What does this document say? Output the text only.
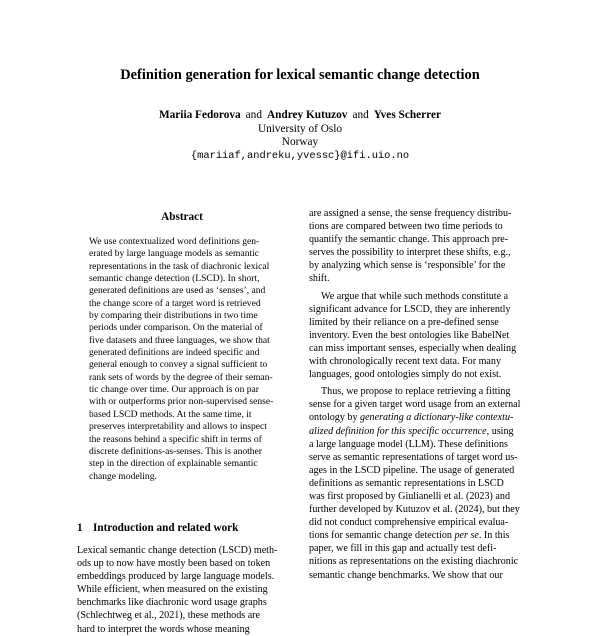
Definition generation for lexical semantic change detection
Mariia Fedorova and Andrey Kutuzov and Yves Scherrer
University of Oslo
Norway
{mariiaf,andreku,yvessc}@ifi.uio.no
Abstract
We use contextualized word definitions gen-
erated by large language models as semantic
representations in the task of diachronic lexical
semantic change detection (LSCD). In short,
generated definitions are used as ‘senses’, and
the change score of a target word is retrieved
by comparing their distributions in two time
periods under comparison. On the material of
five datasets and three languages, we show that
generated definitions are indeed specific and
general enough to convey a signal sufficient to
rank sets of words by the degree of their seman-
tic change over time. Our approach is on par
with or outperforms prior non-supervised sense-
based LSCD methods. At the same time, it
preserves interpretability and allows to inspect
the reasons behind a specific shift in terms of
discrete definitions-as-senses. This is another
step in the direction of explainable semantic
change modeling.
1 Introduction and related work
Lexical semantic change detection (LSCD) meth-
ods up to now have mostly been based on token
embeddings produced by large language models.
While efficient, when measured on the existing
benchmarks like diachronic word usage graphs
(Schlechtweg et al., 2021), these methods are
hard to interpret the words whose meaning
are assigned a sense, the sense frequency distribu-
tions are compared between two time periods to
quantify the semantic change. This approach pre-
serves the possibility to interpret these shifts, e.g.,
by analyzing which sense is ‘responsible’ for the
shift.
We argue that while such methods constitute a
significant advance for LSCD, they are inherently
limited by their reliance on a pre-defined sense
inventory. Even the best ontologies like BabelNet
can miss important senses, especially when dealing
with chronologically recent text data. For many
languages, good ontologies simply do not exist.
Thus, we propose to replace retrieving a fitting
sense for a given target word usage from an external
ontology by generating a dictionary-like contextu-
alized definition for this specific occurrence, using
a large language model (LLM). These definitions
serve as semantic representations of target word us-
ages in the LSCD pipeline. The usage of generated
definitions as semantic representations in LSCD
was first proposed by Giulianelli et al. (2023) and
further developed by Kutuzov et al. (2024), but they
did not conduct comprehensive empirical evalua-
tions for semantic change detection per se. In this
paper, we fill in this gap and actually test defi-
nitions as representations on the existing diachronic
semantic change benchmarks. We show that our
